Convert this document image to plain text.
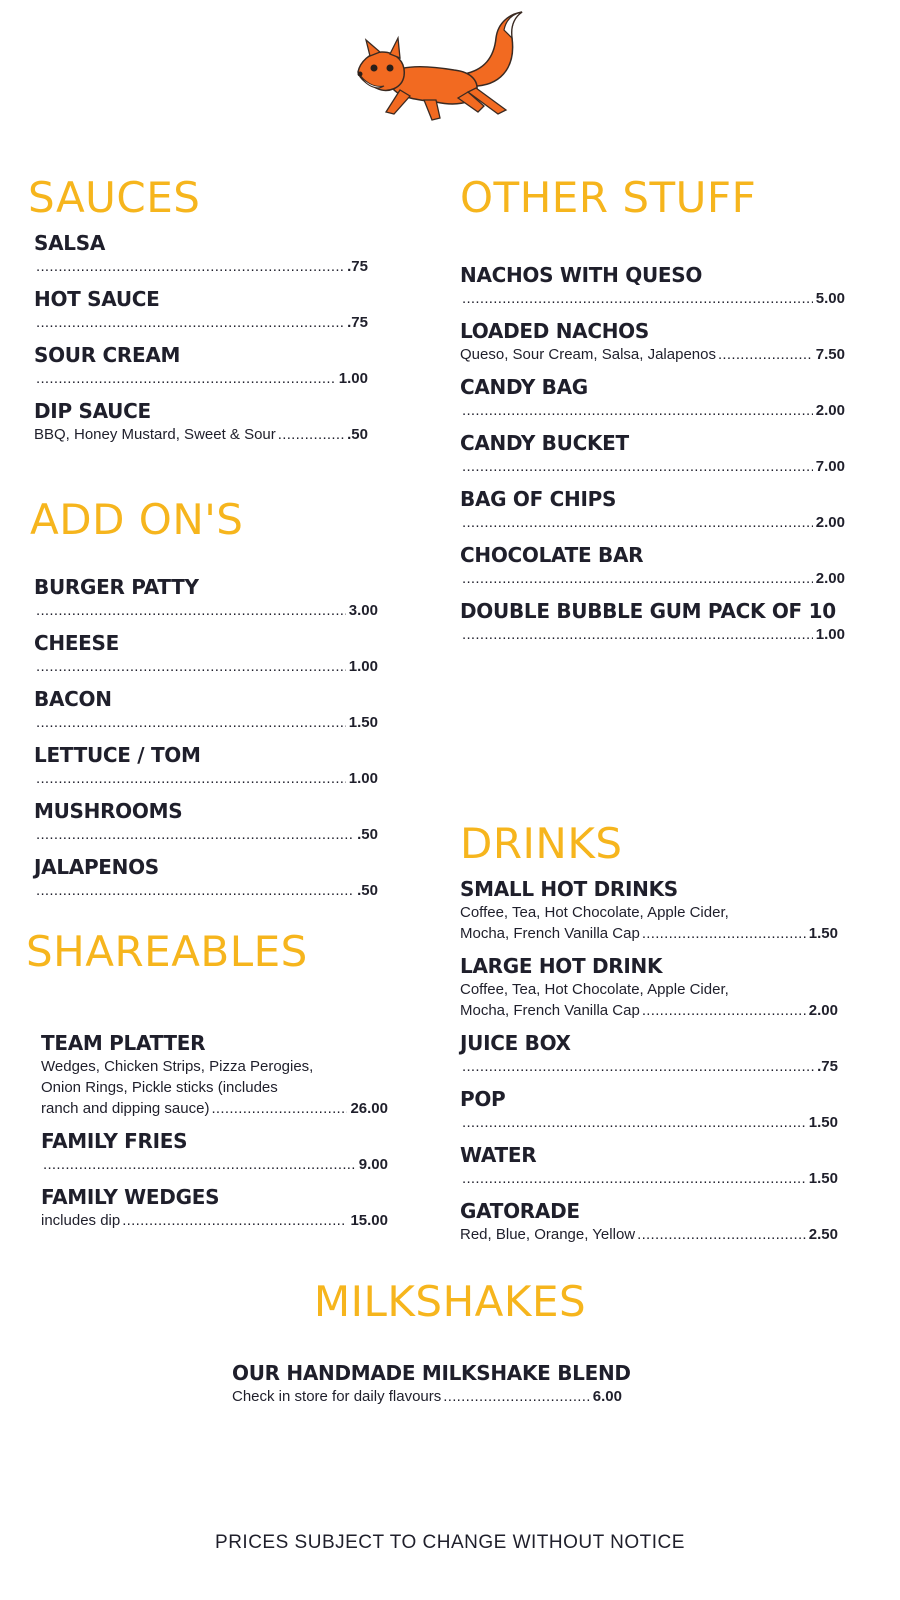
SAUCES
SALSA
.....
.75
HOT SAUCE
.....
.75
SOUR CREAM
.....
1.00
DIP SAUCE
BBQ, Honey Mustard, Sweet & Sour .....	.50
ADD ON'S
BURGER PATTY
.....
3.00
CHEESE
.....
1.00
BACON
.....
1.50
LETTUCE / TOM
.....
1.00
MUSHROOMS
.....
.50
JALAPENOS
.....
.50
SHAREABLES
TEAM PLATTER
Wedges, Chicken Strips, Pizza Perogies,
Onion Rings, Pickle sticks (includes
ranch and dipping sauce) .....	26.00
FAMILY FRIES
.....
9.00
FAMILY WEDGES
includes dip .....	15.00
OTHER STUFF
NACHOS WITH QUESO
.....
5.00
LOADED NACHOS
Queso, Sour Cream, Salsa, Jalapenos .....	7.50
CANDY BAG
.....
2.00
CANDY BUCKET
.....
7.00
BAG OF CHIPS
.....
2.00
CHOCOLATE BAR
.....
2.00
DOUBLE BUBBLE GUM PACK OF 10
.....
1.00
DRINKS
SMALL HOT DRINKS
Coffee, Tea, Hot Chocolate, Apple Cider,
Mocha, French Vanilla Cap .....	1.50
LARGE HOT DRINK
Coffee, Tea, Hot Chocolate, Apple Cider,
Mocha, French Vanilla Cap .....	2.00
JUICE BOX
.....
.75
POP
.....
1.50
WATER
.....
1.50
GATORADE
Red, Blue, Orange, Yellow .....	2.50
MILKSHAKES
OUR HANDMADE MILKSHAKE BLEND
Check in store for daily flavours .....	6.00
PRICES SUBJECT TO CHANGE WITHOUT NOTICE
